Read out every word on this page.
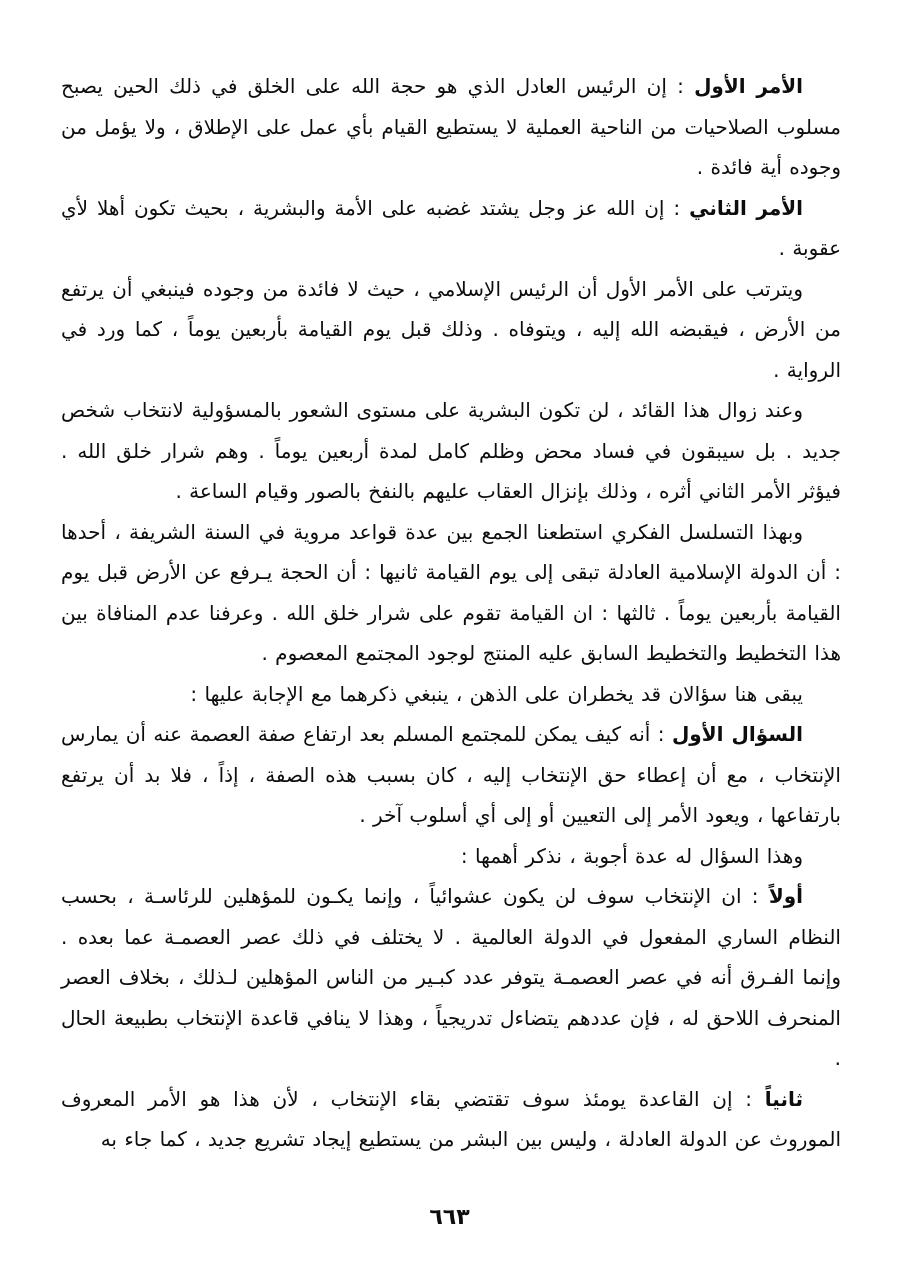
الأمر الأول : إن الرئيس العادل الذي هو حجة الله على الخلق في ذلك الحين يصبح مسلوب الصلاحيات من الناحية العملية لا يستطيع القيام بأي عمل على الإطلاق ، ولا يؤمل من وجوده أية فائدة .

الأمر الثاني : إن الله عز وجل يشتد غضبه على الأمة والبشرية ، بحيث تكون أهلا لأي عقوبة .

ويترتب على الأمر الأول أن الرئيس الإسلامي ، حيث لا فائدة من وجوده فينبغي أن يرتفع من الأرض ، فيقبضه الله إليه ، ويتوفاه . وذلك قبل يوم القيامة بأربعين يوماً ، كما ورد في الرواية .

وعند زوال هذا القائد ، لن تكون البشرية على مستوى الشعور بالمسؤولية لانتخاب شخص جديد . بل سيبقون في فساد محض وظلم كامل لمدة أربعين يوماً . وهم شرار خلق الله . فيؤثر الأمر الثاني أثره ، وذلك بإنزال العقاب عليهم بالنفخ بالصور وقيام الساعة .

وبهذا التسلسل الفكري استطعنا الجمع بين عدة قواعد مروية في السنة الشريفة ، أحدها : أن الدولة الإسلامية العادلة تبقى إلى يوم القيامة ثانيها : أن الحجة يـرفع عن الأرض قبل يوم القيامة بأربعين يوماً . ثالثها : ان القيامة تقوم على شرار خلق الله . وعرفنا عدم المنافاة بين هذا التخطيط والتخطيط السابق عليه المنتج لوجود المجتمع المعصوم .

يبقى هنا سؤالان قد يخطران على الذهن ، ينبغي ذكرهما مع الإجابة عليها :

السؤال الأول : أنه كيف يمكن للمجتمع المسلم بعد ارتفاع صفة العصمة عنه أن يمارس الإنتخاب ، مع أن إعطاء حق الإنتخاب إليه ، كان بسبب هذه الصفة ، إذاً ، فلا بد أن يرتفع بارتفاعها ، ويعود الأمر إلى التعيين أو إلى أي أسلوب آخر .

وهذا السؤال له عدة أجوبة ، نذكر أهمها :

أولاً : ان الإنتخاب سوف لن يكون عشوائياً ، وإنما يكـون للمؤهلين للرئاسـة ، بحسب النظام الساري المفعول في الدولة العالمية . لا يختلف في ذلك عصر العصمـة عما بعده . وإنما الفـرق أنه في عصر العصمـة يتوفر عدد كبـير من الناس المؤهلين لـذلك ، بخلاف العصر المنحرف اللاحق له ، فإن عددهم يتضاءل تدريجياً ، وهذا لا ينافي قاعدة الإنتخاب بطبيعة الحال .

ثانياً : إن القاعدة يومئذ سوف تقتضي بقاء الإنتخاب ، لأن هذا هو الأمر المعروف الموروث عن الدولة العادلة ، وليس بين البشر من يستطيع إيجاد تشريع جديد ، كما جاء به

٦٦٣
